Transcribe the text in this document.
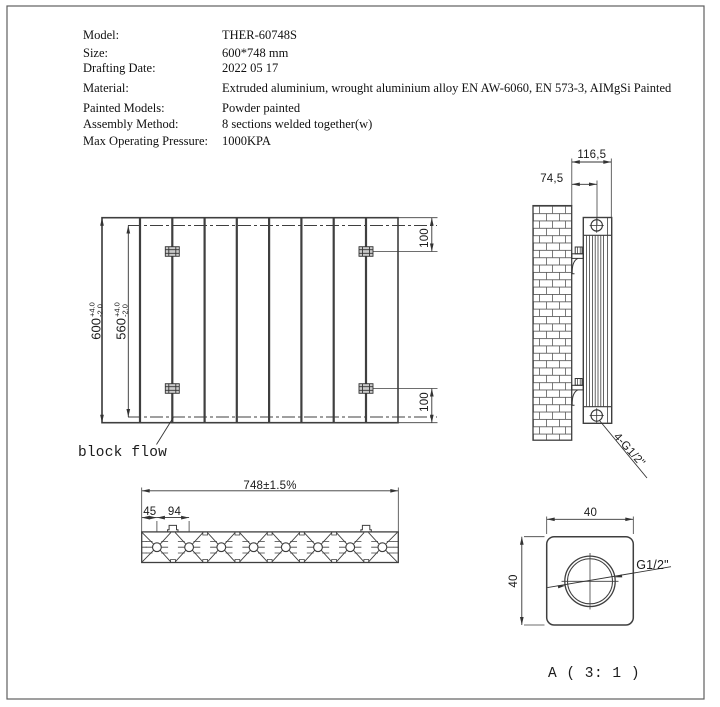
Model:	THER-60748S
Size:	600*748 mm
Drafting Date:	2022 05 17
Material:	Extruded aluminium, wrought aluminium alloy EN AW-6060, EN 573-3, AIMgSi Painted
Painted Models:	Powder painted
Assembly Method:	8 sections welded together(w)
Max Operating Pressure: 1000KPA
600
+4.0
-2.0
560
+4.0
-2.0
100
100
block flow
116,5
74,5
4-G1/2"
748±1.5%
45 94	40
40
G1/2"
A ( 3: 1 )
